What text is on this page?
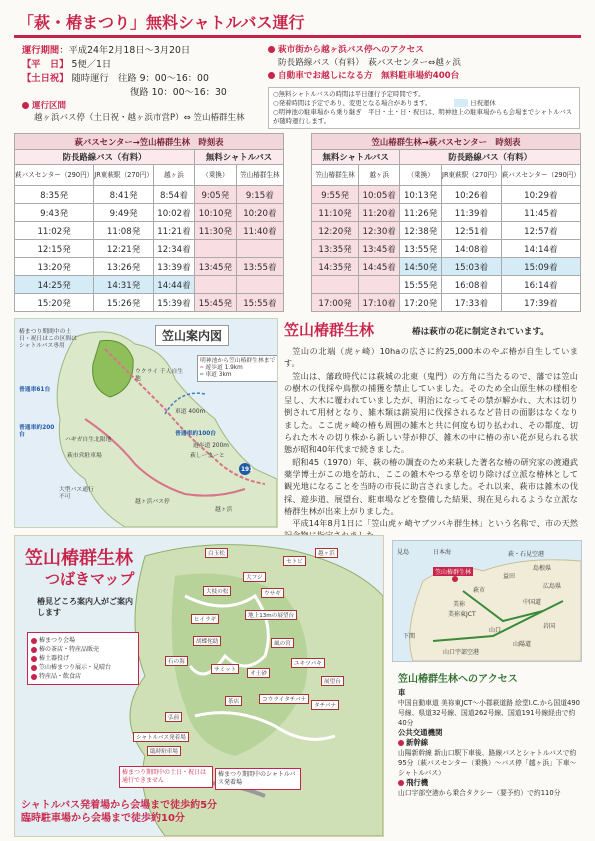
「萩・椿まつり」無料シャトルバス運行
運行期間：平成24年2月18日～3月20日
【平　日】 5便／1日
【土日祝】 随時運行　 往路 9：00～16：00
復路 10：00～16：30
運行区間
越ヶ浜バス停（土日祝・越ヶ浜市営P）⇔ 笠山椿群生林
萩市街から越ヶ浜バス停へのアクセス
防長路線バス（有料）　萩バスセンター⇔越ヶ浜
自動車でお越しになる方　 無料駐車場約400台
○無料シャトルバスの時間は平日運行予定時間です。
○発着時間は予定であり、変更となる場合があります。　　　　　	日祝運休
○明神池の駐車場から乗り継ぎ　平日・土・日・祝日は、明神池上の駐車場からも会場までシャトルバスが随時運行します。
萩バスセンター→笠山椿群生林　時刻表				
防長路線バス（有料）			無料シャトルバス	
萩バスセンター（290円）	JR東萩駅（270円）	越ヶ浜	（乗換）	笠山椿群生林
8:35発	8:41発	8:54着	9:05発	9:15着
9:43発	9:49発	10:02着	10:10発	10:20着
11:02発	11:08発	11:21着	11:30発	11:40着
12:15発	12:21発	12:34着		
13:20発	13:26発	13:39着	13:45発	13:55着
14:25発	14:31発	14:44着		
15:20発	15:26発	15:39着	15:45発	15:55着
笠山椿群生林→萩バスセンター　時刻表				
無料シャトルバス		防長路線バス（有料）		
笠山椿群生林	越ヶ浜	（乗換）	JR東萩駅（270円）	萩バスセンター（290円）
9:55発	10:05着	10:13発	10:26着	10:29着
11:10発	11:20着	11:26発	11:39着	11:45着
12:20発	12:30着	12:38発	12:51着	12:57着
13:35発	13:45着	13:55発	14:08着	14:14着
14:35発	14:45着	14:50発	15:03着	15:09着
		15:55発	16:08着	16:14着
17:00発	17:10着	17:20発	17:33着	17:39着
笠山案内図
椿まつり期間中の土日・祝日はこの区間はシャトルバス専用
ウクライ 千人自生地
明神池から笠山椿群生林まで
━ 遊歩道 1.9km
━ 車道 3km
普通車61台
普通車約200台
ハギガ自生北限地
萩市営駐車場
大型バス通行不可
普通車約100台
車道 400m
遊歩道 200m
萩しーまーと
越ヶ浜バス停
越ヶ浜
191
笠山椿群生林	椿は萩市の花に制定されています。

笠山の北端（虎ヶ崎）10haの広さに約25,000本のやぶ椿が自生しています。

笠山は、藩政時代には萩城の北東（鬼門）の方角に当たるので、藩では笠山の樹木の伐採や鳥獣の捕獲を禁止していました。そのため全山原生林の様相を呈し、大木に覆われていましたが、明治になってその禁が解かれ、大木は切り倒されて用材となり、雑木類は薪炭用に伐採されるなど昔日の面影はなくなりました。ここ虎ヶ崎の椿も周囲の雑木と共に何度も切り払われ、その都度、切られた木々の切り株から新しい芽が伸び、雑木の中に椿の赤い花が見られる状態が昭和40年代まで続きました。

昭和45（1970）年、萩の椿の調査のため来萩した著名な椿の研究家の渡邉武薬学博士がこの地を訪れ、ここの雑木やつる草を切り除けば立派な椿林として観光地になることを当時の市長に助言されました。それ以来、萩市は雑木の伐採、遊歩道、展望台、駐車場などを整備した結果、現在見られるような立派な椿群生林が出来上がりました。

平成14年8月1日に「笠山虎ヶ崎ヤブツバキ群生林」という名称で、市の天然

笠山椿群生林
つばきマップ
椿見どころ案内人がご案内します
椿まつり会場
椿の茶店・特産品販売
椿土器投げ
笠山椿まつり展示・見晴台
特産品・飲食店
白玉松
大フジ
セトビ
ウサギ
大枝の松
越ヶ浜
ヒイラギ
地上13mの展望台
胡蝶侘助	風の宮
石の海
サミット
オ土砂
ユキツバキ
コウライタチバナ
タチバナ
展望台
茶店
シャトルバス発着場
臨時駐車場
弘前
椿まつり期間中の土日・祝日は通行できません
椿まつり期間中のシャトルバス発着場
シャトルバス発着場から会場まで徒歩約5分
臨時駐車場から会場まで徒歩約10分
見島	日本海
笠山椿群生林
萩市
萩・石見空港
島根県
益田
美祢
美祢東JCT
山口
下関
広島県
山口宇部空港
岩国
中国道
山陽道
笠山椿群生林へのアクセス
車
中国自動車道 美祢東JCT～小郡萩道路 絵堂I.C.から国道490号線、県道32号線、国道262号線、国道191号線経由で約40分
公共交通機関
新幹線
山陽新幹線 新山口駅下車後、路線バスとシャトルバスで約95分（萩バスセンター（乗換）～バス停「越ヶ浜」下車～シャトルバス）
飛行機
山口宇部空港から乗合タクシー（要予約）で約110分
